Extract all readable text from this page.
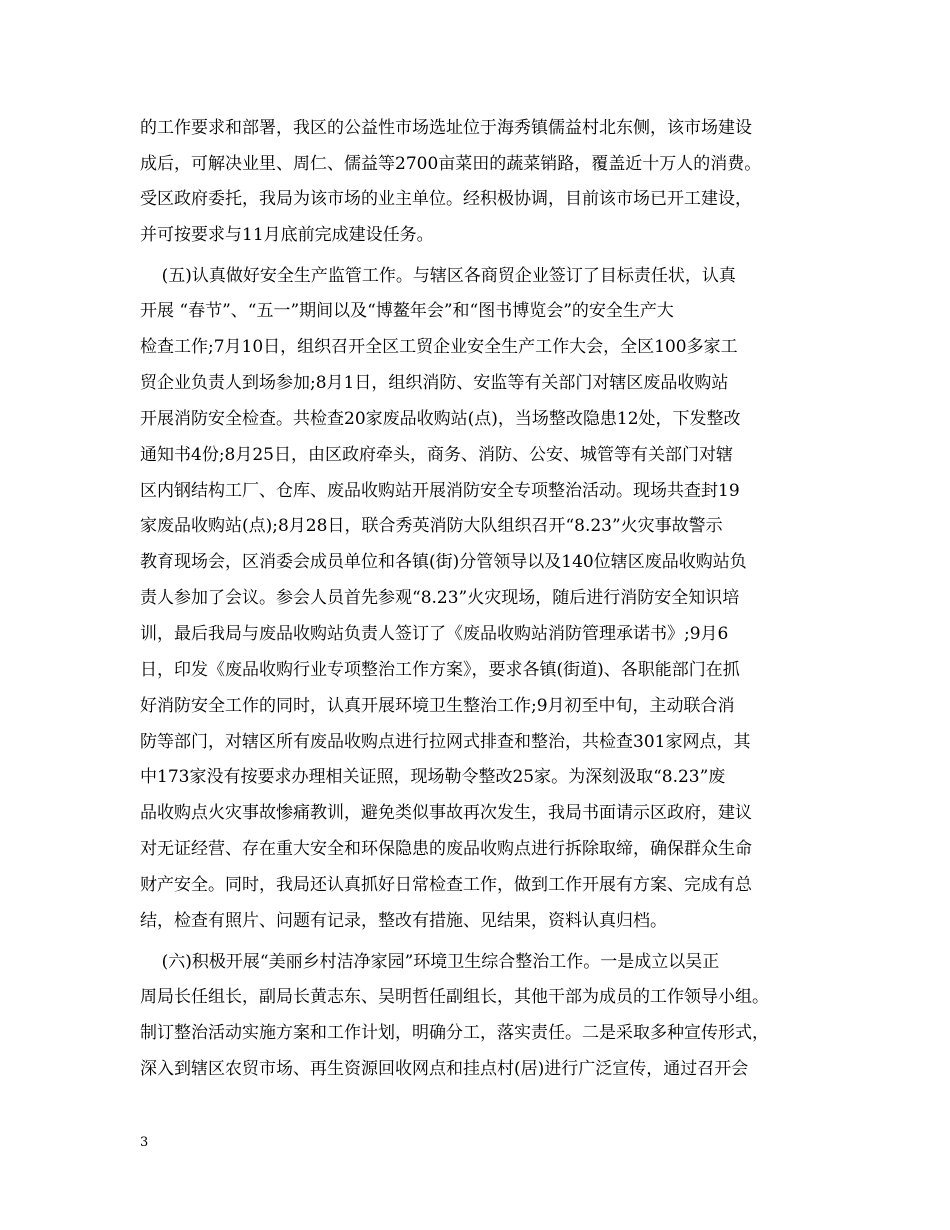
的工作要求和部署，我区的公益性市场选址位于海秀镇儒益村北东侧，该市场建设
成后，可解决业里、周仁、儒益等2700亩菜田的蔬菜销路，覆盖近十万人的消费。
受区政府委托，我局为该市场的业主单位。经积极协调，目前该市场已开工建设，
并可按要求与11月底前完成建设任务。
(五)认真做好安全生产监管工作。与辖区各商贸企业签订了目标责任状，认真
开展 “春节”、“五一”期间以及“博鳌年会”和“图书博览会”的安全生产大
检查工作;7月10日，组织召开全区工贸企业安全生产工作大会，全区100多家工
贸企业负责人到场参加;8月1日，组织消防、安监等有关部门对辖区废品收购站
开展消防安全检查。共检查20家废品收购站(点)，当场整改隐患12处，下发整改
通知书4份;8月25日，由区政府牵头，商务、消防、公安、城管等有关部门对辖
区内钢结构工厂、仓库、废品收购站开展消防安全专项整治活动。现场共查封19
家废品收购站(点);8月28日，联合秀英消防大队组织召开“8.23”火灾事故警示
教育现场会，区消委会成员单位和各镇(街)分管领导以及140位辖区废品收购站负
责人参加了会议。参会人员首先参观“8.23”火灾现场，随后进行消防安全知识培
训，最后我局与废品收购站负责人签订了《废品收购站消防管理承诺书》;9月6
日，印发《废品收购行业专项整治工作方案》，要求各镇(街道)、各职能部门在抓
好消防安全工作的同时，认真开展环境卫生整治工作;9月初至中旬，主动联合消
防等部门，对辖区所有废品收购点进行拉网式排查和整治，共检查301家网点，其
中173家没有按要求办理相关证照，现场勒令整改25家。为深刻汲取“8.23”废
品收购点火灾事故惨痛教训，避免类似事故再次发生，我局书面请示区政府，建议
对无证经营、存在重大安全和环保隐患的废品收购点进行拆除取缔，确保群众生命
财产安全。同时，我局还认真抓好日常检查工作，做到工作开展有方案、完成有总
结，检查有照片、问题有记录，整改有措施、见结果，资料认真归档。
(六)积极开展“美丽乡村洁净家园”环境卫生综合整治工作。一是成立以吴正
周局长任组长，副局长黄志东、吴明哲任副组长，其他干部为成员的工作领导小组。
制订整治活动实施方案和工作计划，明确分工，落实责任。二是采取多种宣传形式，
深入到辖区农贸市场、再生资源回收网点和挂点村(居)进行广泛宣传，通过召开会
3
